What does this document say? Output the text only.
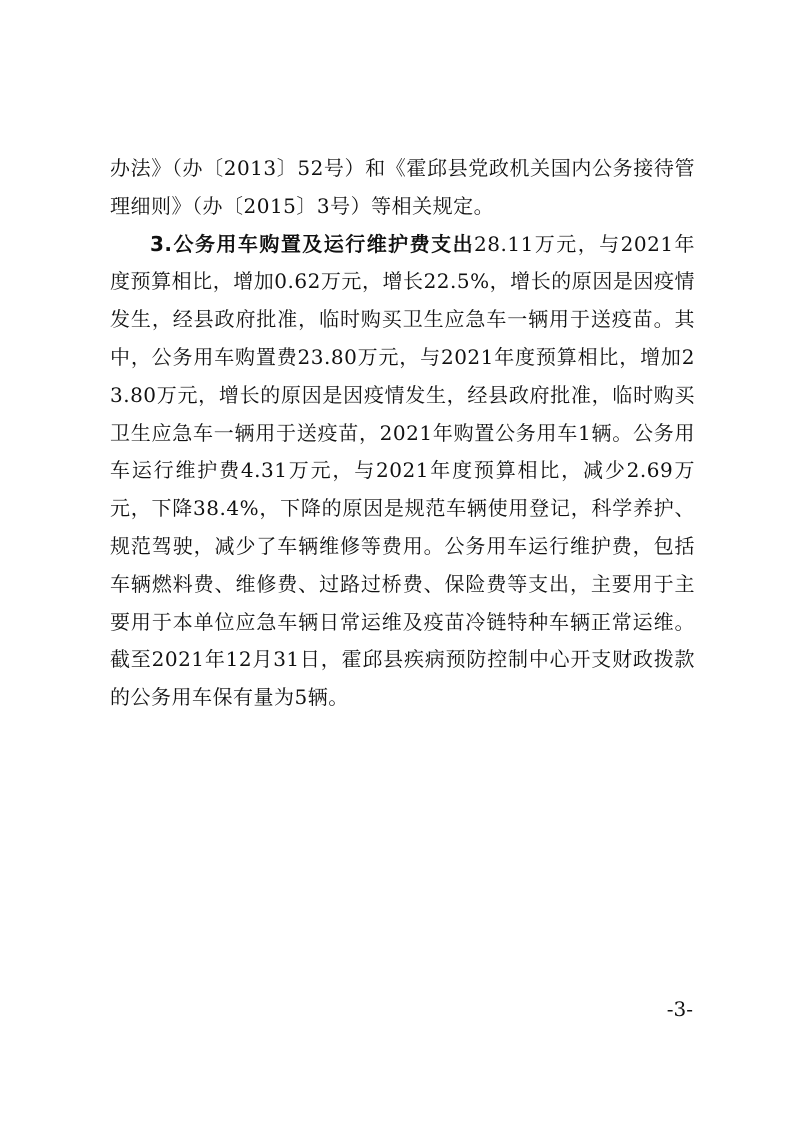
办法》（办〔2013〕52号）和《霍邱县党政机关国内公务接待管理细则》（办〔2015〕3号）等相关规定。

3.公务用车购置及运行维护费支出28.11万元，与2021年度预算相比，增加0.62万元，增长22.5%，增长的原因是因疫情发生，经县政府批准，临时购买卫生应急车一辆用于送疫苗。其中，公务用车购置费23.80万元，与2021年度预算相比，增加23.80万元，增长的原因是因疫情发生，经县政府批准，临时购买卫生应急车一辆用于送疫苗，2021年购置公务用车1辆。公务用车运行维护费4.31万元，与2021年度预算相比，减少2.69万元，下降38.4%，下降的原因是规范车辆使用登记，科学养护、规范驾驶，减少了车辆维修等费用。公务用车运行维护费，包括车辆燃料费、维修费、过路过桥费、保险费等支出，主要用于主要用于本单位应急车辆日常运维及疫苗冷链特种车辆正常运维。截至2021年12月31日，霍邱县疾病预防控制中心开支财政拨款的公务用车保有量为5辆。

-3-
